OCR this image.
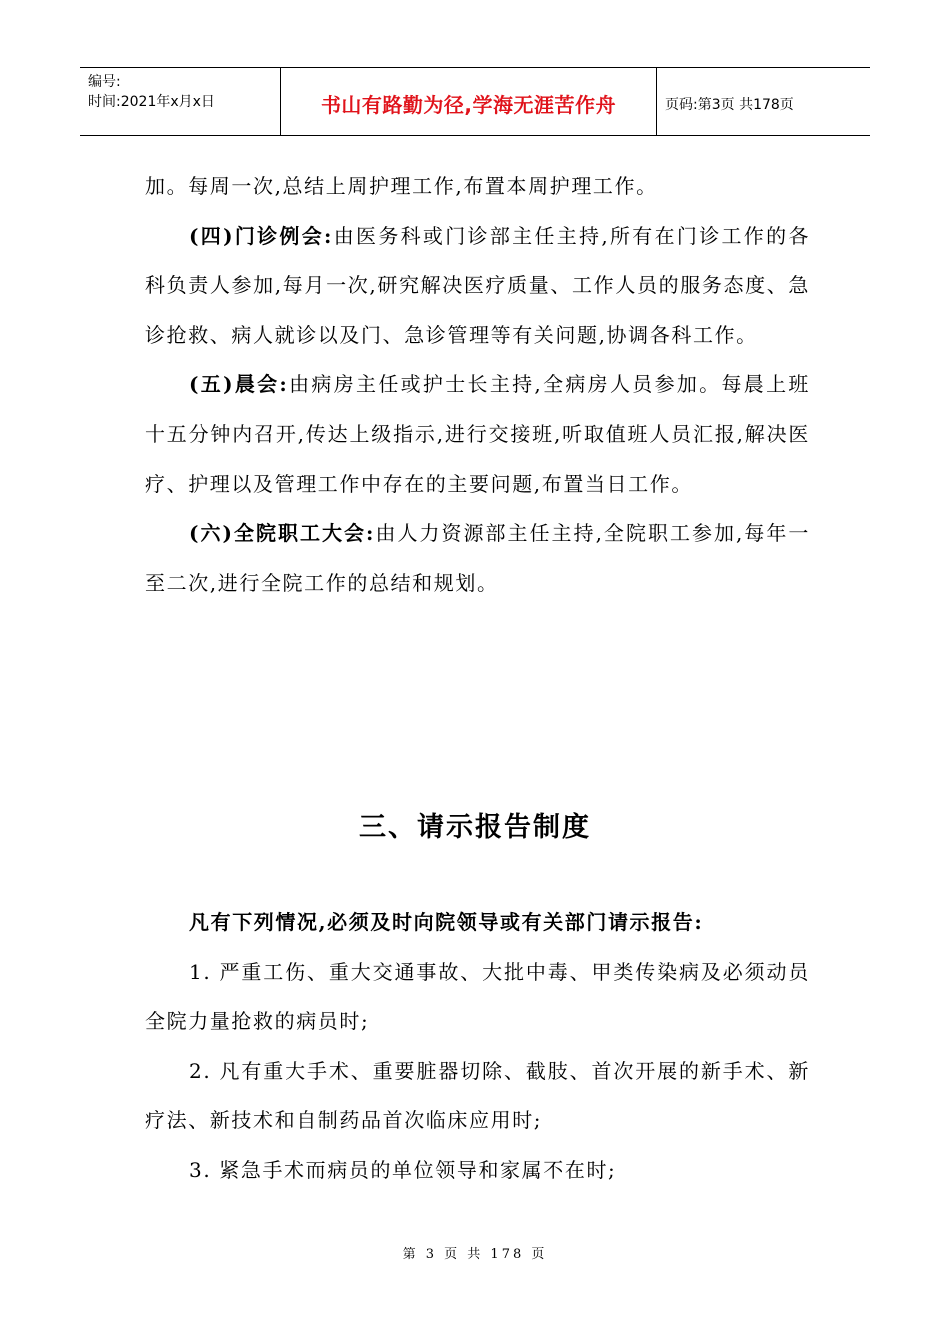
编号:
时间:2021年x月x日	书山有路勤为径,学海无涯苦作舟	页码:第3页 共178页

加。每周一次,总结上周护理工作,布置本周护理工作。

(四)门诊例会:由医务科或门诊部主任主持,所有在门诊工作的各科负责人参加,每月一次,研究解决医疗质量、工作人员的服务态度、急诊抢救、病人就诊以及门、急诊管理等有关问题,协调各科工作。

(五)晨会:由病房主任或护士长主持,全病房人员参加。每晨上班十五分钟内召开,传达上级指示,进行交接班,听取值班人员汇报,解决医疗、护理以及管理工作中存在的主要问题,布置当日工作。

(六)全院职工大会:由人力资源部主任主持,全院职工参加,每年一至二次,进行全院工作的总结和规划。

三、请示报告制度

凡有下列情况,必须及时向院领导或有关部门请示报告:

1. 严重工伤、重大交通事故、大批中毒、甲类传染病及必须动员全院力量抢救的病员时;

2. 凡有重大手术、重要脏器切除、截肢、首次开展的新手术、新疗法、新技术和自制药品首次临床应用时;

3. 紧急手术而病员的单位领导和家属不在时;

第 3 页 共 178 页
